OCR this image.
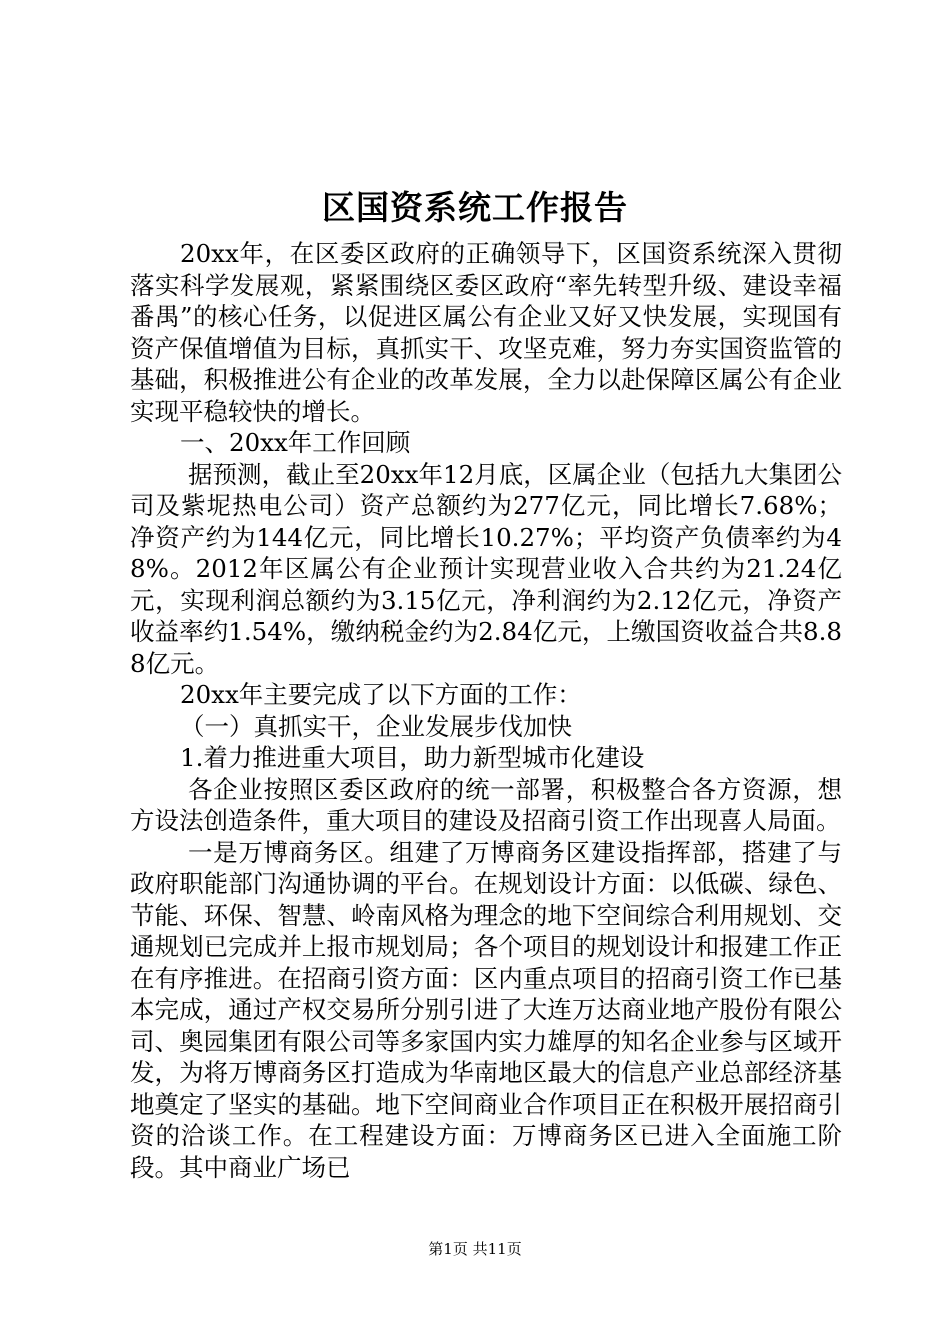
区国资系统工作报告

20xx年，在区委区政府的正确领导下，区国资系统深入贯彻落实科学发展观，紧紧围绕区委区政府“率先转型升级、建设幸福番禺”的核心任务，以促进区属公有企业又好又快发展，实现国有资产保值增值为目标，真抓实干、攻坚克难，努力夯实国资监管的基础，积极推进公有企业的改革发展，全力以赴保障区属公有企业实现平稳较快的增长。

一、20xx年工作回顾

据预测，截止至20xx年12月底，区属企业（包括九大集团公司及紫坭热电公司）资产总额约为277亿元，同比增长7.68%；净资产约为144亿元，同比增长10.27%；平均资产负债率约为48%。2012年区属公有企业预计实现营业收入合共约为21.24亿元，实现利润总额约为3.15亿元，净利润约为2.12亿元，净资产收益率约1.54%，缴纳税金约为2.84亿元，上缴国资收益合共8.88亿元。

20xx年主要完成了以下方面的工作：

（一）真抓实干，企业发展步伐加快

1.着力推进重大项目，助力新型城市化建设

各企业按照区委区政府的统一部署，积极整合各方资源，想方设法创造条件，重大项目的建设及招商引资工作出现喜人局面。

一是万博商务区。组建了万博商务区建设指挥部，搭建了与政府职能部门沟通协调的平台。在规划设计方面：以低碳、绿色、节能、环保、智慧、岭南风格为理念的地下空间综合利用规划、交通规划已完成并上报市规划局；各个项目的规划设计和报建工作正在有序推进。在招商引资方面：区内重点项目的招商引资工作已基本完成，通过产权交易所分别引进了大连万达商业地产股份有限公司、奥园集团有限公司等多家国内实力雄厚的知名企业参与区域开发，为将万博商务区打造成为华南地区最大的信息产业总部经济基地奠定了坚实的基础。地下空间商业合作项目正在积极开展招商引资的洽谈工作。在工程建设方面：万博商务区已进入全面施工阶段。其中商业广场已

第1页 共11页
